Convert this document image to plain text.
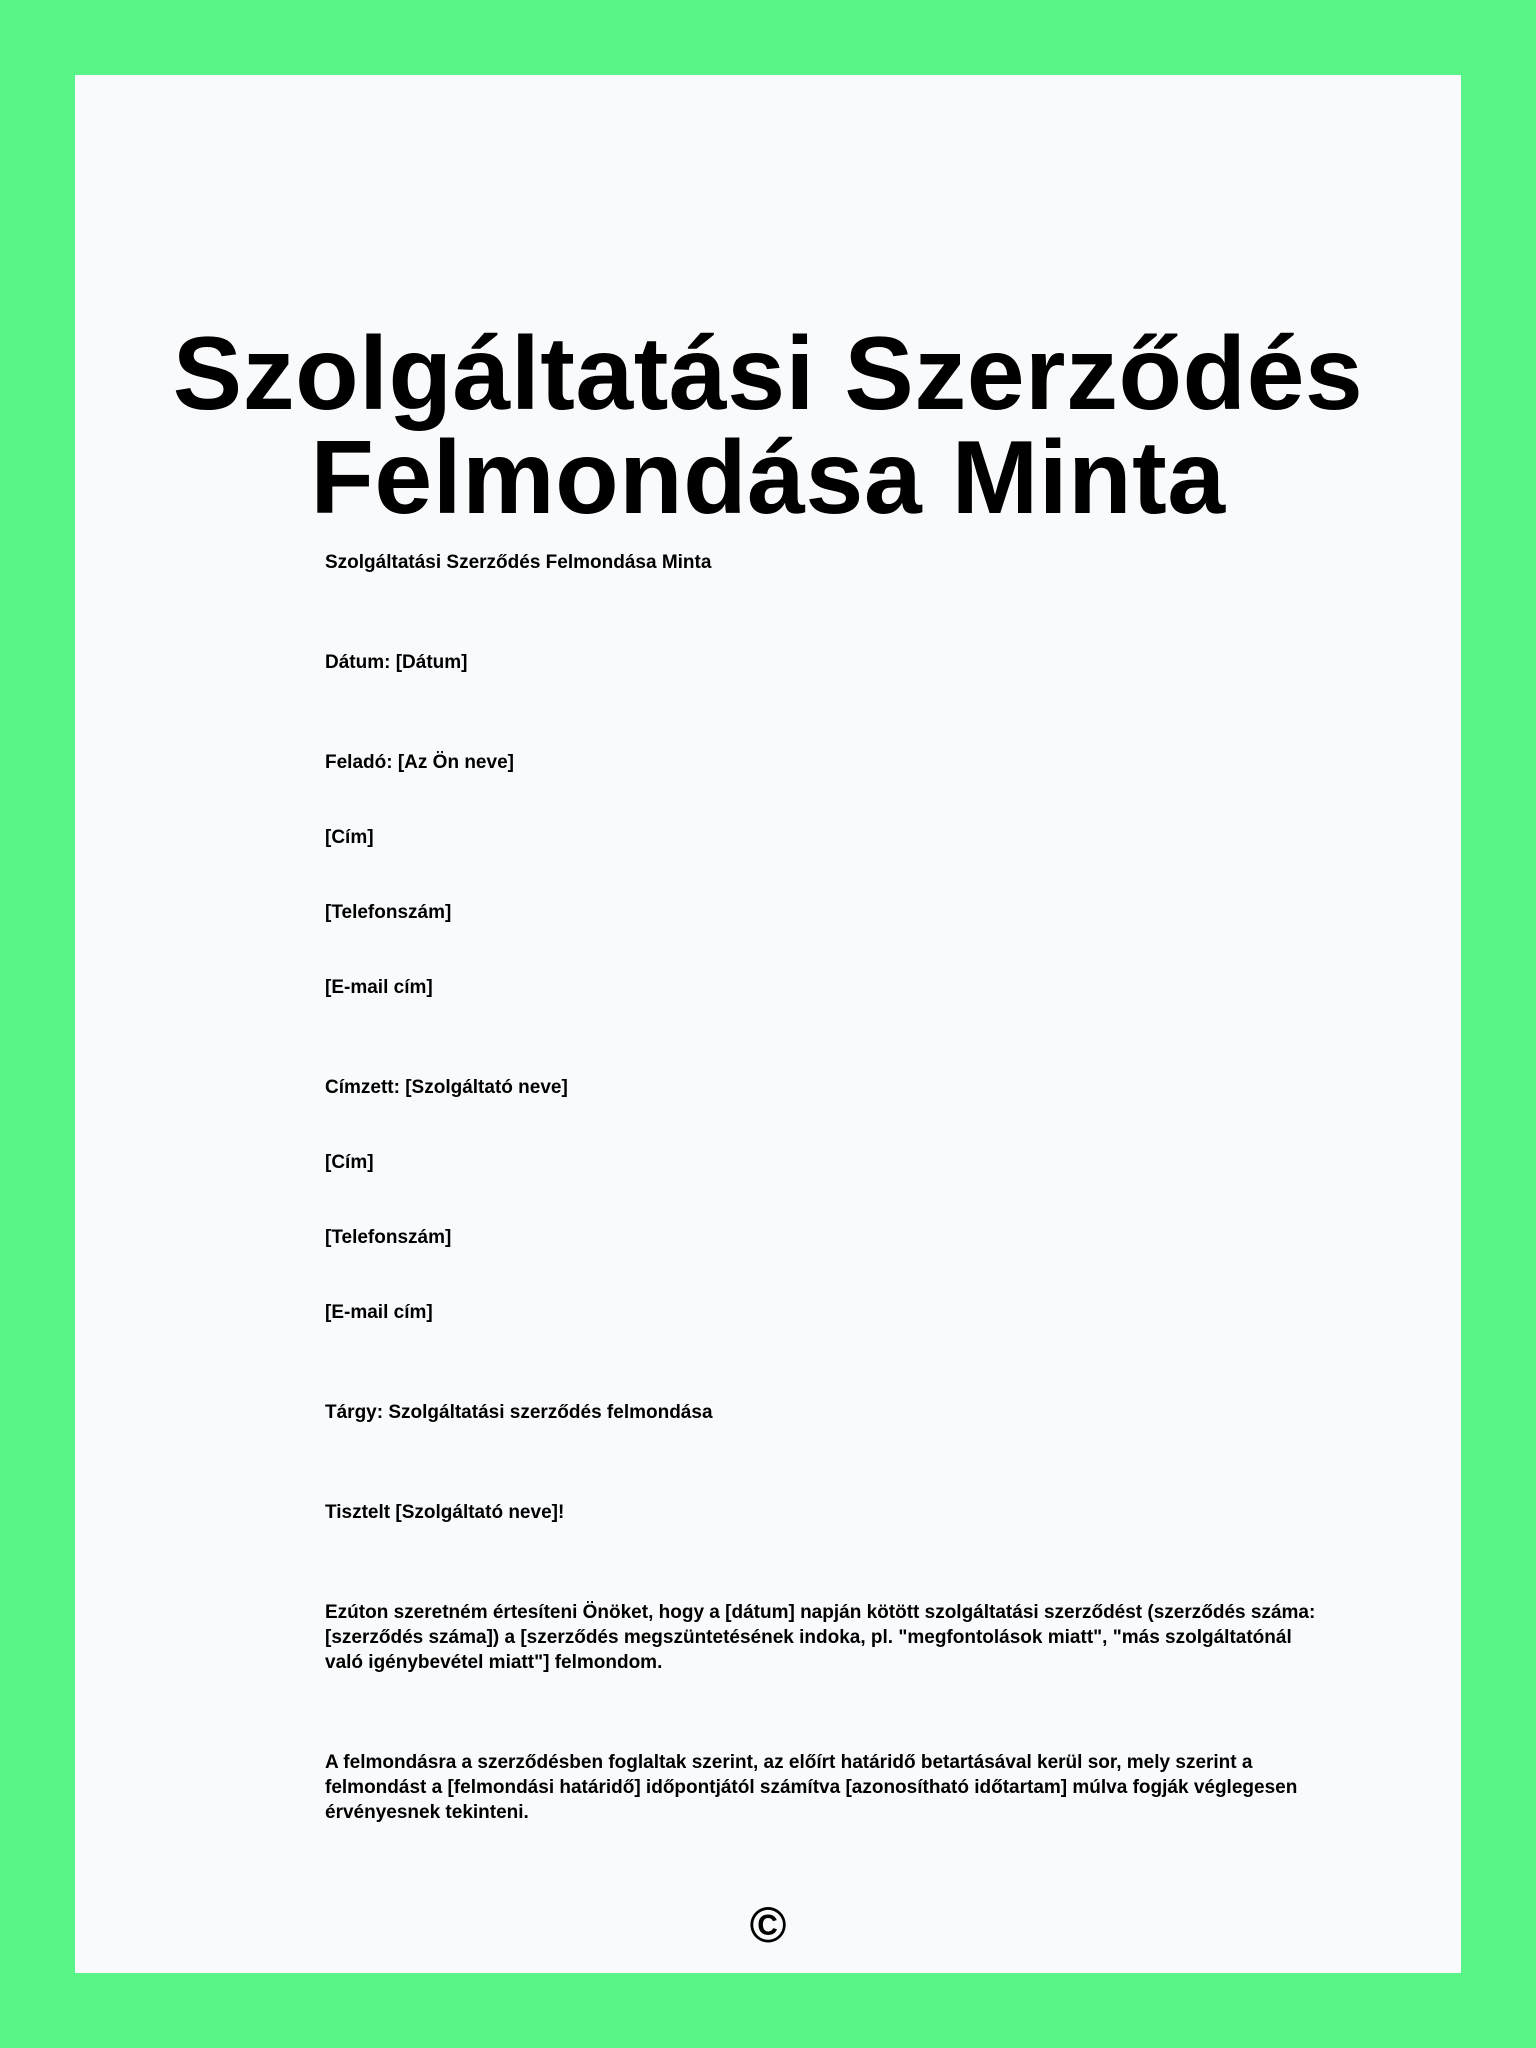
Szolgáltatási Szerződés
Felmondása Minta

Szolgáltatási Szerződés Felmondása Minta

Dátum: [Dátum]

Feladó: [Az Ön neve]

[Cím]

[Telefonszám]

[E-mail cím]

Címzett: [Szolgáltató neve]

[Cím]

[Telefonszám]

[E-mail cím]

Tárgy: Szolgáltatási szerződés felmondása

Tisztelt [Szolgáltató neve]!

Ezúton szeretném értesíteni Önöket, hogy a [dátum] napján kötött szolgáltatási szerződést (szerződés száma: [szerződés száma]) a [szerződés megszüntetésének indoka, pl. "megfontolások miatt", "más szolgáltatónál való igénybevétel miatt"] felmondom.

A felmondásra a szerződésben foglaltak szerint, az előírt határidő betartásával kerül sor, mely szerint a felmondást a [felmondási határidő] időpontjától számítva [azonosítható időtartam] múlva fogják véglegesen érvényesnek tekinteni.

©
